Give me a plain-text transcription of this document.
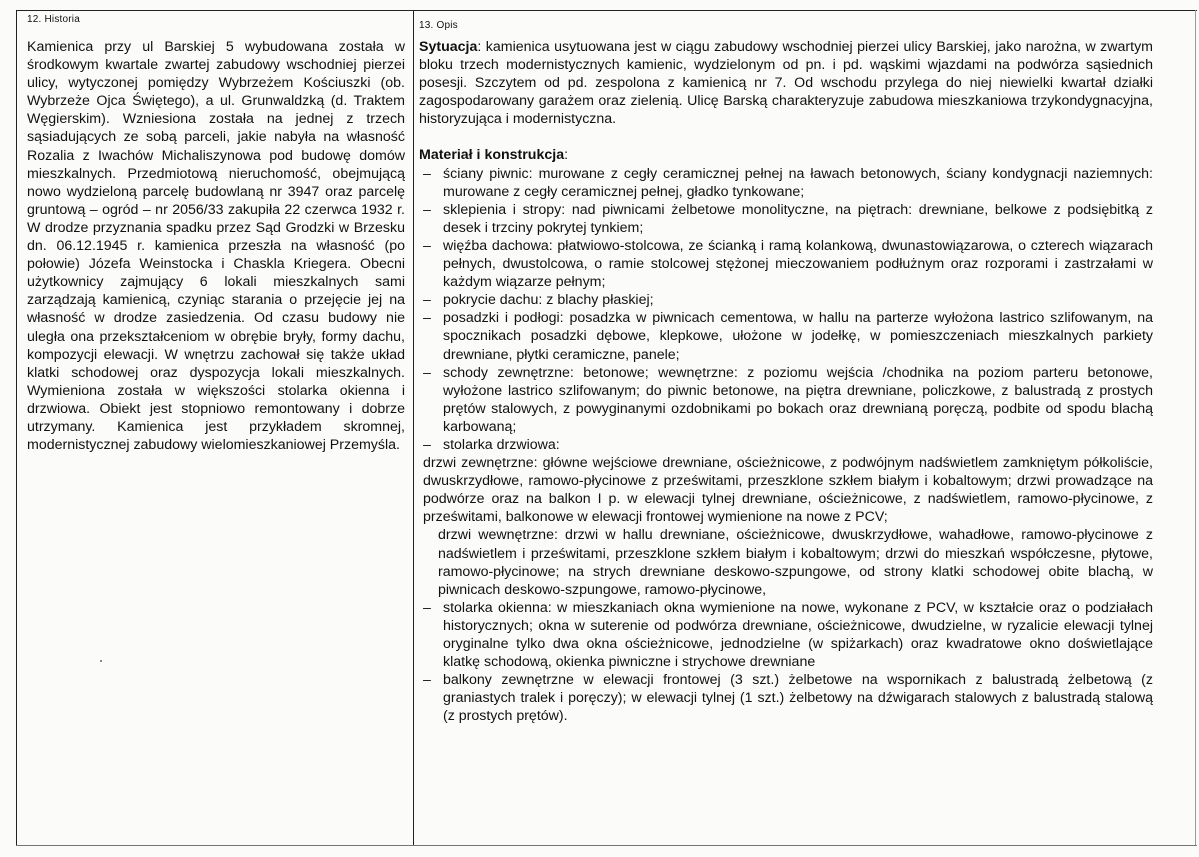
12. Historia
13. Opis
Kamienica przy ul Barskiej 5 wybudowana została w środkowym kwartale zwartej zabudowy wschodniej pierzei ulicy, wytyczonej pomiędzy Wybrzeżem Kościuszki (ob. Wybrzeże Ojca Świętego), a ul. Grunwaldzką (d. Traktem Węgierskim). Wzniesiona została na jednej z trzech sąsiadujących ze sobą parceli, jakie nabyła na własność Rozalia z Iwachów Michaliszynowa pod budowę domów mieszkalnych. Przedmiotową nieruchomość, obejmującą nowo wydzieloną parcelę budowlaną nr 3947 oraz parcelę gruntową – ogród – nr 2056/33 zakupiła 22 czerwca 1932 r. W drodze przyznania spadku przez Sąd Grodzki w Brzesku dn. 06.12.1945 r. kamienica przeszła na własność (po połowie) Józefa Weinstocka i Chaskla Kriegera. Obecni użytkownicy zajmujący 6 lokali mieszkalnych sami zarządzają kamienicą, czyniąc starania o przejęcie jej na własność w drodze zasiedzenia. Od czasu budowy nie uległa ona przekształceniom w obrębie bryły, formy dachu, kompozycji elewacji. W wnętrzu zachował się także układ klatki schodowej oraz dyspozycja lokali mieszkalnych. Wymieniona została w większości stolarka okienna i drzwiowa. Obiekt jest stopniowo remontowany i dobrze utrzymany. Kamienica jest przykładem skromnej, modernistycznej zabudowy wielomieszkaniowej Przemyśla.

Sytuacja: kamienica usytuowana jest w ciągu zabudowy wschodniej pierzei ulicy Barskiej, jako narożna, w zwartym bloku trzech modernistycznych kamienic, wydzielonym od pn. i pd. wąskimi wjazdami na podwórza sąsiednich posesji. Szczytem od pd. zespolona z kamienicą nr 7. Od wschodu przylega do niej niewielki kwartał działki zagospodarowany garażem oraz zielenią. Ulicę Barską charakteryzuje zabudowa mieszkaniowa trzykondygnacyjna, historyzująca i modernistyczna.

Materiał i konstrukcja:

– ściany piwnic: murowane z cegły ceramicznej pełnej na ławach betonowych, ściany kondygnacji naziemnych: murowane z cegły ceramicznej pełnej, gładko tynkowane;
– sklepienia i stropy: nad piwnicami żelbetowe monolityczne, na piętrach: drewniane, belkowe z podsiębitką z desek i trzciny pokrytej tynkiem;
– więźba dachowa: płatwiowo-stolcowa, ze ścianką i ramą kolankową, dwunastowiązarowa, o czterech wiązarach pełnych, dwustolcowa, o ramie stolcowej stężonej mieczowaniem podłużnym oraz rozporami i zastrzałami w każdym wiązarze pełnym;
– pokrycie dachu: z blachy płaskiej;
– posadzki i podłogi: posadzka w piwnicach cementowa, w hallu na parterze wyłożona lastrico szlifowanym, na spocznikach posadzki dębowe, klepkowe, ułożone w jodełkę, w pomieszczeniach mieszkalnych parkiety drewniane, płytki ceramiczne, panele;
– schody zewnętrzne: betonowe; wewnętrzne: z poziomu wejścia /chodnika na poziom parteru betonowe, wyłożone lastrico szlifowanym; do piwnic betonowe, na piętra drewniane, policzkowe, z balustradą z prostych prętów stalowych, z powyginanymi ozdobnikami po bokach oraz drewnianą poręczą, podbite od spodu blachą karbowaną;
– stolarka drzwiowa:

drzwi zewnętrzne: główne wejściowe drewniane, ościeżnicowe, z podwójnym nadświetlem zamkniętym półkoliście, dwuskrzydłowe, ramowo-płycinowe z prześwitami, przeszklone szkłem białym i kobaltowym; drzwi prowadzące na podwórze oraz na balkon I p. w elewacji tylnej drewniane, ościeżnicowe, z nadświetlem, ramowo-płycinowe, z prześwitami, balkonowe w elewacji frontowej wymienione na nowe z PCV;

drzwi wewnętrzne: drzwi w hallu drewniane, ościeżnicowe, dwuskrzydłowe, wahadłowe, ramowo-płycinowe z nadświetlem i prześwitami, przeszklone szkłem białym i kobaltowym; drzwi do mieszkań współczesne, płytowe, ramowo-płycinowe; na strych drewniane deskowo-szpungowe, od strony klatki schodowej obite blachą, w piwnicach deskowo-szpungowe, ramowo-płycinowe,

– stolarka okienna: w mieszkaniach okna wymienione na nowe, wykonane z PCV, w kształcie oraz o podziałach historycznych; okna w suterenie od podwórza drewniane, ościeżnicowe, dwudzielne, w ryzalicie elewacji tylnej oryginalne tylko dwa okna ościeżnicowe, jednodzielne (w spiżarkach) oraz kwadratowe okno doświetlające klatkę schodową, okienka piwniczne i strychowe drewniane
– balkony zewnętrzne w elewacji frontowej (3 szt.) żelbetowe na wspornikach z balustradą żelbetową (z graniastych tralek i poręczy); w elewacji tylnej (1 szt.) żelbetowy na dźwigarach stalowych z balustradą stalową (z prostych prętów).
